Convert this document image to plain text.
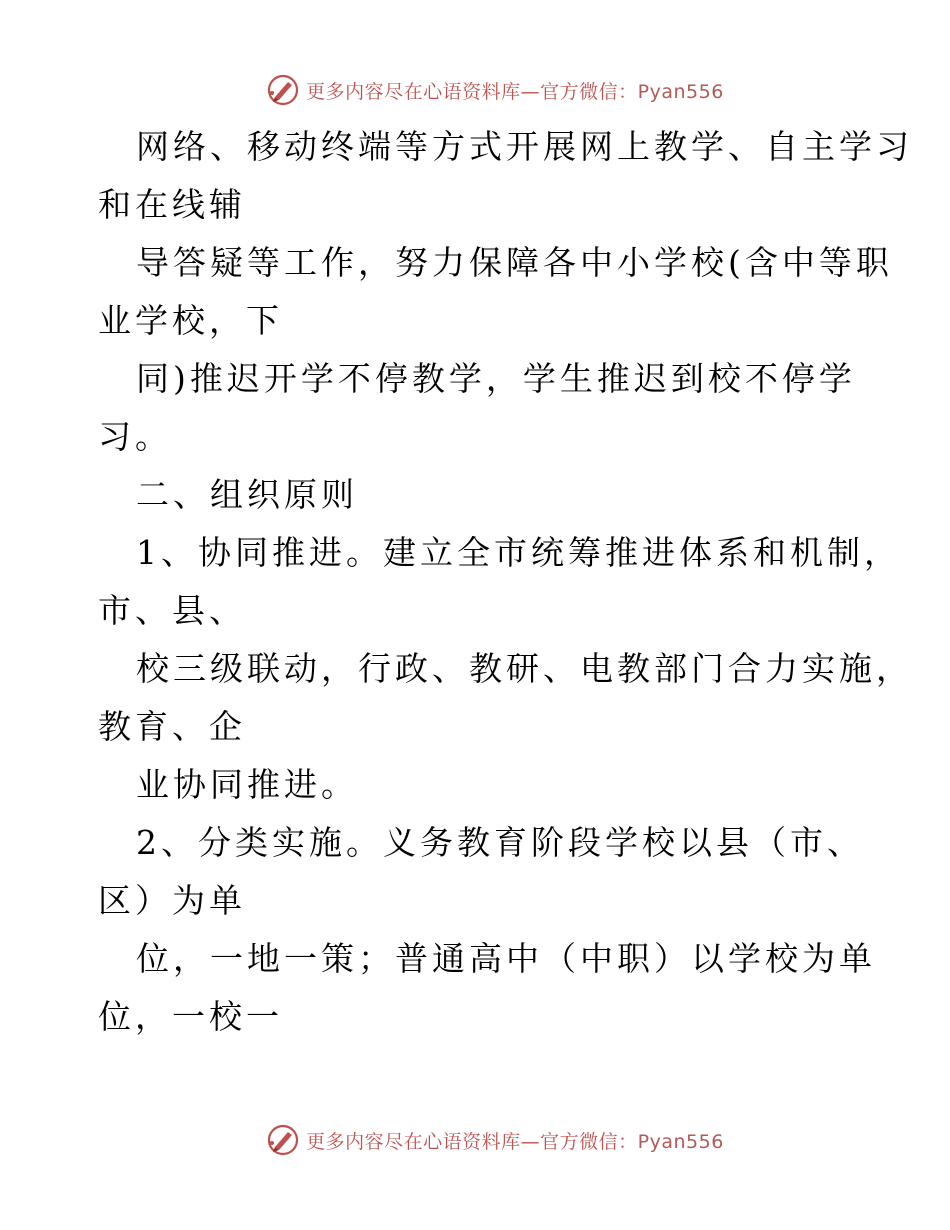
更多内容尽在心语资料库—官方微信：Pyan556
网络、移动终端等方式开展网上教学、自主学习
和在线辅
导答疑等工作，努力保障各中小学校(含中等职
业学校，下
同)推迟开学不停教学，学生推迟到校不停学
习。
二、组织原则
1、协同推进。建立全市统筹推进体系和机制，
市、县、
校三级联动，行政、教研、电教部门合力实施，
教育、企
业协同推进。
2、分类实施。义务教育阶段学校以县（市、
区）为单
位，一地一策；普通高中（中职）以学校为单
位，一校一
更多内容尽在心语资料库—官方微信：Pyan556
